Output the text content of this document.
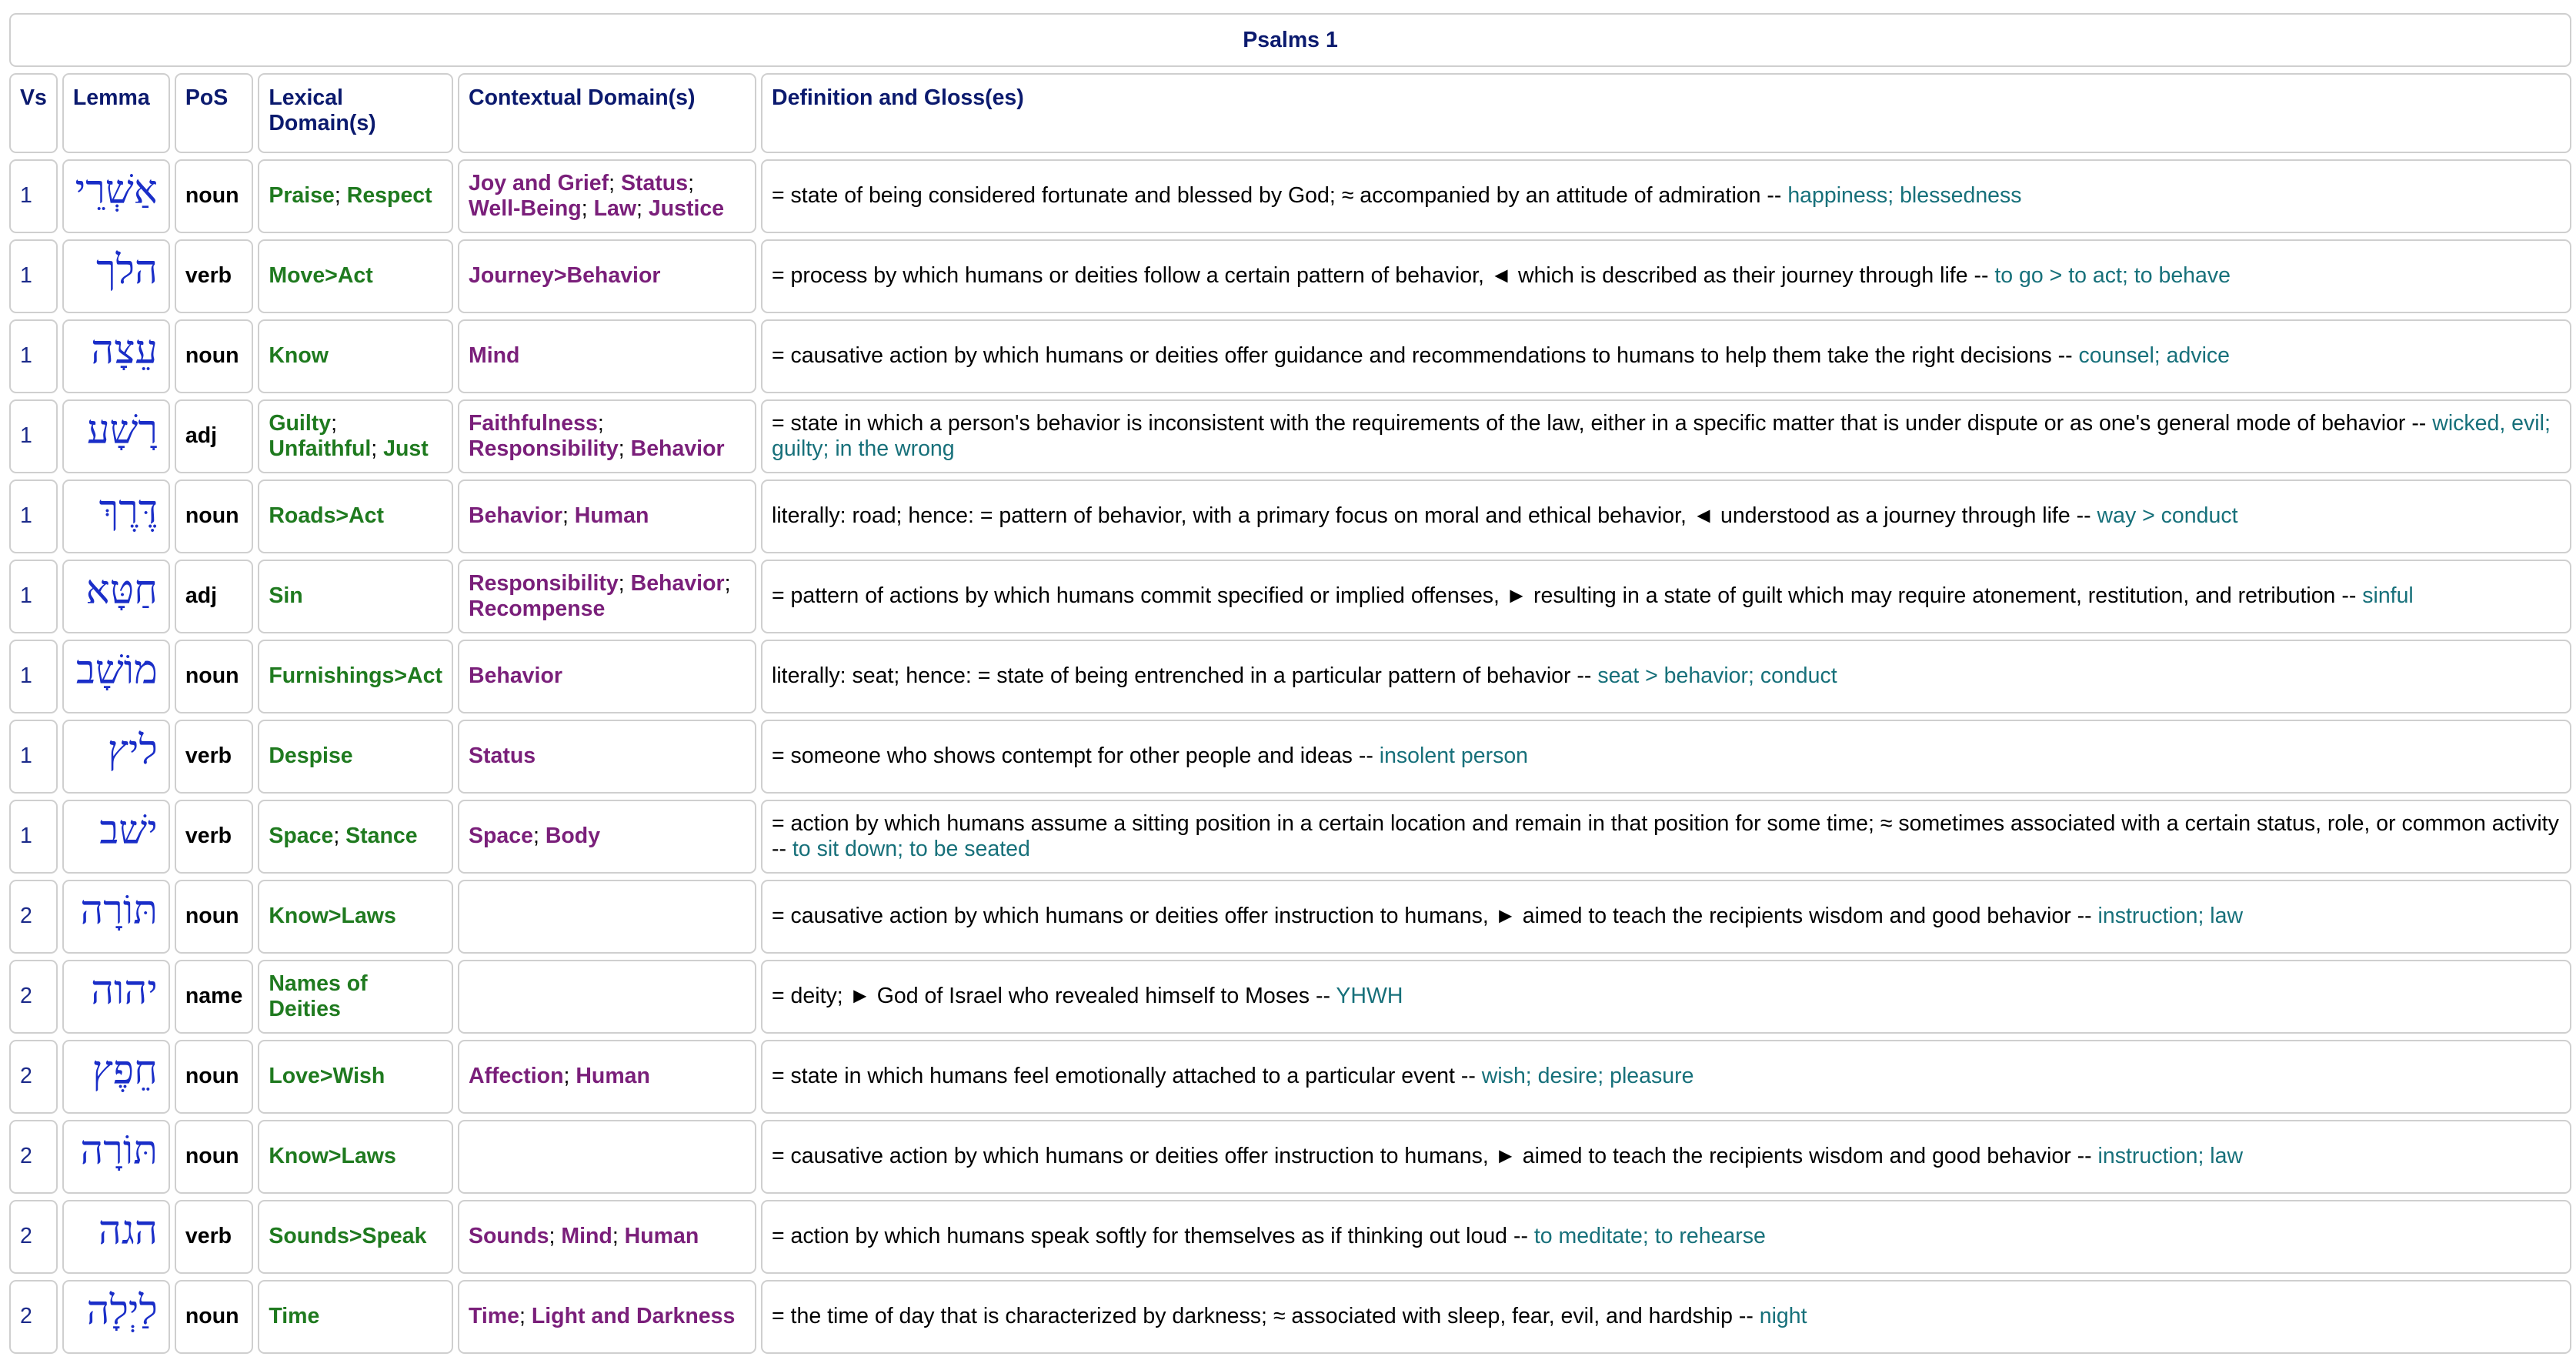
Psalms 1					
Vs	Lemma	PoS	Lexical Domain(s)	Contextual Domain(s)	Definition and Gloss(es)
1	אַשְׁרֵי	noun	Praise; Respect	Joy and Grief; Status; Well-Being; Law; Justice	= state of being considered fortunate and blessed by God; ≈ accompanied by an attitude of admiration -- happiness; blessedness
1	הלך	verb	Move>Act	Journey>Behavior	= process by which humans or deities follow a certain pattern of behavior, ◄ which is described as their journey through life -- to go > to act; to behave
1	עֵצָה	noun	Know	Mind	= causative action by which humans or deities offer guidance and recommendations to humans to help them take the right decisions -- counsel; advice
1	רָשָׁע	adj	Guilty; Unfaithful; Just	Faithfulness; Responsibility; Behavior	= state in which a person's behavior is inconsistent with the requirements of the law, either in a specific matter that is under dispute or as one's general mode of behavior -- wicked, evil; guilty; in the wrong
1	דֶּרֶךְ	noun	Roads>Act	Behavior; Human	literally: road; hence: = pattern of behavior, with a primary focus on moral and ethical behavior, ◄ understood as a journey through life -- way > conduct
1	חַטָּא	adj	Sin	Responsibility; Behavior; Recompense	= pattern of actions by which humans commit specified or implied offenses, ► resulting in a state of guilt which may require atonement, restitution, and retribution -- sinful
1	מוֹשָׁב	noun	Furnishings>Act	Behavior	literally: seat; hence: = state of being entrenched in a particular pattern of behavior -- seat > behavior; conduct
1	ליץ	verb	Despise	Status	= someone who shows contempt for other people and ideas -- insolent person
1	ישׁב	verb	Space; Stance	Space; Body	= action by which humans assume a sitting position in a certain location and remain in that position for some time; ≈ sometimes associated with a certain status, role, or common activity -- to sit down; to be seated
2	תּוֹרָה	noun	Know>Laws		= causative action by which humans or deities offer instruction to humans, ► aimed to teach the recipients wisdom and good behavior -- instruction; law
2	יהוה	name	Names of Deities		= deity; ► God of Israel who revealed himself to Moses -- YHWH
2	חֵפֶץ	noun	Love>Wish	Affection; Human	= state in which humans feel emotionally attached to a particular event -- wish; desire; pleasure
2	תּוֹרָה	noun	Know>Laws		= causative action by which humans or deities offer instruction to humans, ► aimed to teach the recipients wisdom and good behavior -- instruction; law
2	הגה	verb	Sounds>Speak	Sounds; Mind; Human	= action by which humans speak softly for themselves as if thinking out loud -- to meditate; to rehearse
2	לַיְלָה	noun	Time	Time; Light and Darkness	= the time of day that is characterized by darkness; ≈ associated with sleep, fear, evil, and hardship -- night
